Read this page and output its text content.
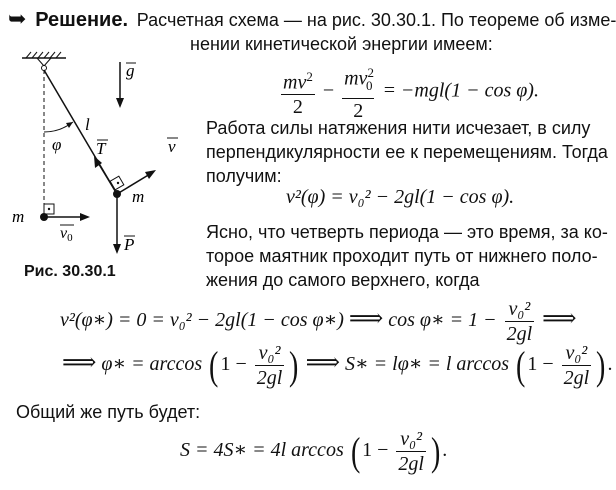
➥ Решение. Расчетная схема — на рис. 30.30.1. По теореме об изме-
нении кинетической энергии имеем:
φ
l
g
m
T	v
P
m
v0
Рис. 30.30.1
$\frac{mv^2}{2} - \frac{mv^2_0}{2} = -mgl(1 - \cos \varphi)$.
Работа силы натяжения нити исчезает, в силу
перпендикулярности ее к перемещениям. Тогда
получим:
v²(φ) = v₀² − 2gl(1 − cos φ).
Ясно, что четверть периода — это время, за ко-
торое маятник проходит путь от нижнего поло-
жения до самого верхнего, когда
v²(φ∗) = 0 = v₀² − 2gl(1 − cos φ∗) ⟹ cos φ∗ = $1 - \frac{\text{v₀²}}{2gl}$ ⟹
⟹ φ∗ = $\arccos (1 - \frac{\text{v₀²}}{2gl}$ ) ⟹ S∗ = lφ∗ = l $\arccos (1 - \frac{\text{v₀²}}{2gl}$ ).
Общий же путь будет:
S = 4S∗ = 4l $\arccos (1 - \frac{\text{v₀²}}{2gl}$ ).
